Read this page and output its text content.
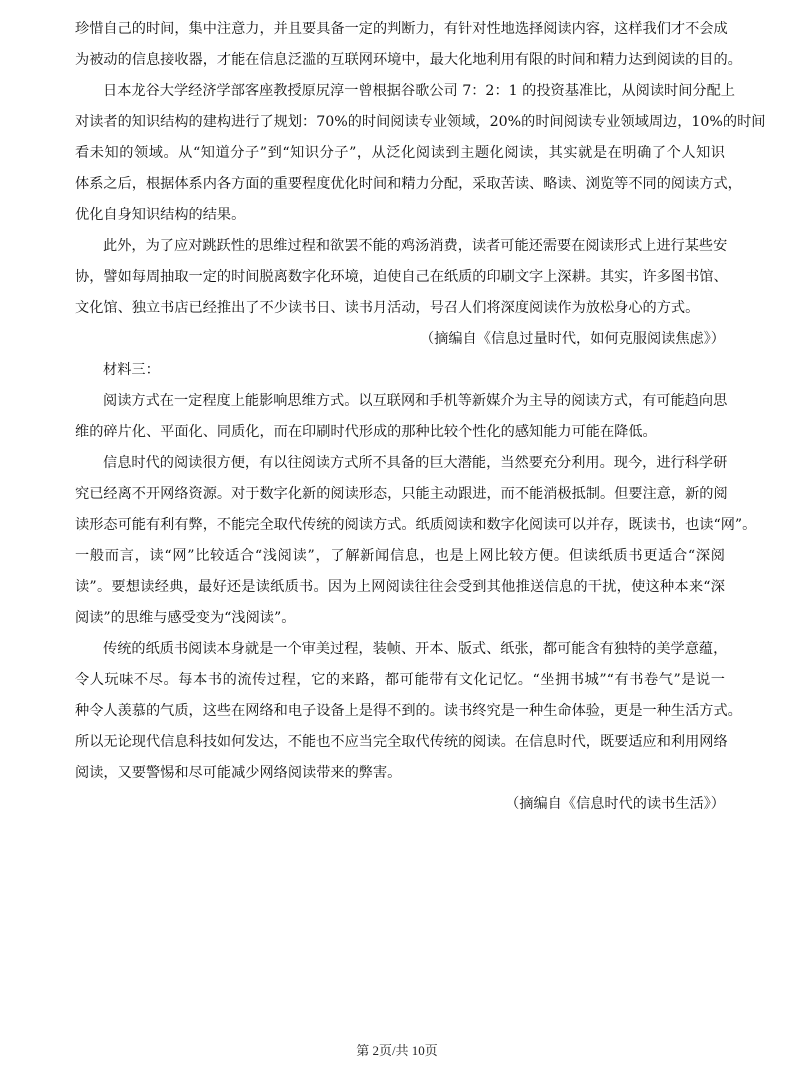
珍惜自己的时间，集中注意力，并且要具备一定的判断力，有针对性地选择阅读内容，这样我们才不会成
为被动的信息接收器，才能在信息泛滥的互联网环境中，最大化地利用有限的时间和精力达到阅读的目的。
日本龙谷大学经济学部客座教授原尻淳一曾根据谷歌公司 7：2：1 的投资基准比，从阅读时间分配上
对读者的知识结构的建构进行了规划：70%的时间阅读专业领域，20%的时间阅读专业领域周边，10%的时间
看未知的领域。从“知道分子”到“知识分子”，从泛化阅读到主题化阅读，其实就是在明确了个人知识
体系之后，根据体系内各方面的重要程度优化时间和精力分配，采取苦读、略读、浏览等不同的阅读方式，
优化自身知识结构的结果。
此外，为了应对跳跃性的思维过程和欲罢不能的鸡汤消费，读者可能还需要在阅读形式上进行某些安
协，譬如每周抽取一定的时间脱离数字化环境，迫使自己在纸质的印刷文字上深耕。其实，许多图书馆、
文化馆、独立书店已经推出了不少读书日、读书月活动，号召人们将深度阅读作为放松身心的方式。
（摘编自《信息过量时代，如何克服阅读焦虑》）
材料三：
阅读方式在一定程度上能影响思维方式。以互联网和手机等新媒介为主导的阅读方式，有可能趋向思
维的碎片化、平面化、同质化，而在印刷时代形成的那种比较个性化的感知能力可能在降低。
信息时代的阅读很方便，有以往阅读方式所不具备的巨大潜能，当然要充分利用。现今，进行科学研
究已经离不开网络资源。对于数字化新的阅读形态，只能主动跟进，而不能消极抵制。但要注意，新的阅
读形态可能有利有弊，不能完全取代传统的阅读方式。纸质阅读和数字化阅读可以并存，既读书，也读“网”。
一般而言，读“网”比较适合“浅阅读”，了解新闻信息，也是上网比较方便。但读纸质书更适合“深阅
读”。要想读经典，最好还是读纸质书。因为上网阅读往往会受到其他推送信息的干扰，使这种本来“深
阅读”的思维与感受变为“浅阅读”。
传统的纸质书阅读本身就是一个审美过程，装帧、开本、版式、纸张，都可能含有独特的美学意蕴，
令人玩味不尽。每本书的流传过程，它的来路，都可能带有文化记忆。“坐拥书城”“有书卷气”是说一
种令人羡慕的气质，这些在网络和电子设备上是得不到的。读书终究是一种生命体验，更是一种生活方式。
所以无论现代信息科技如何发达，不能也不应当完全取代传统的阅读。在信息时代，既要适应和利用网络
阅读，又要警惕和尽可能减少网络阅读带来的弊害。
（摘编自《信息时代的读书生活》）
第 2页/共 10页
